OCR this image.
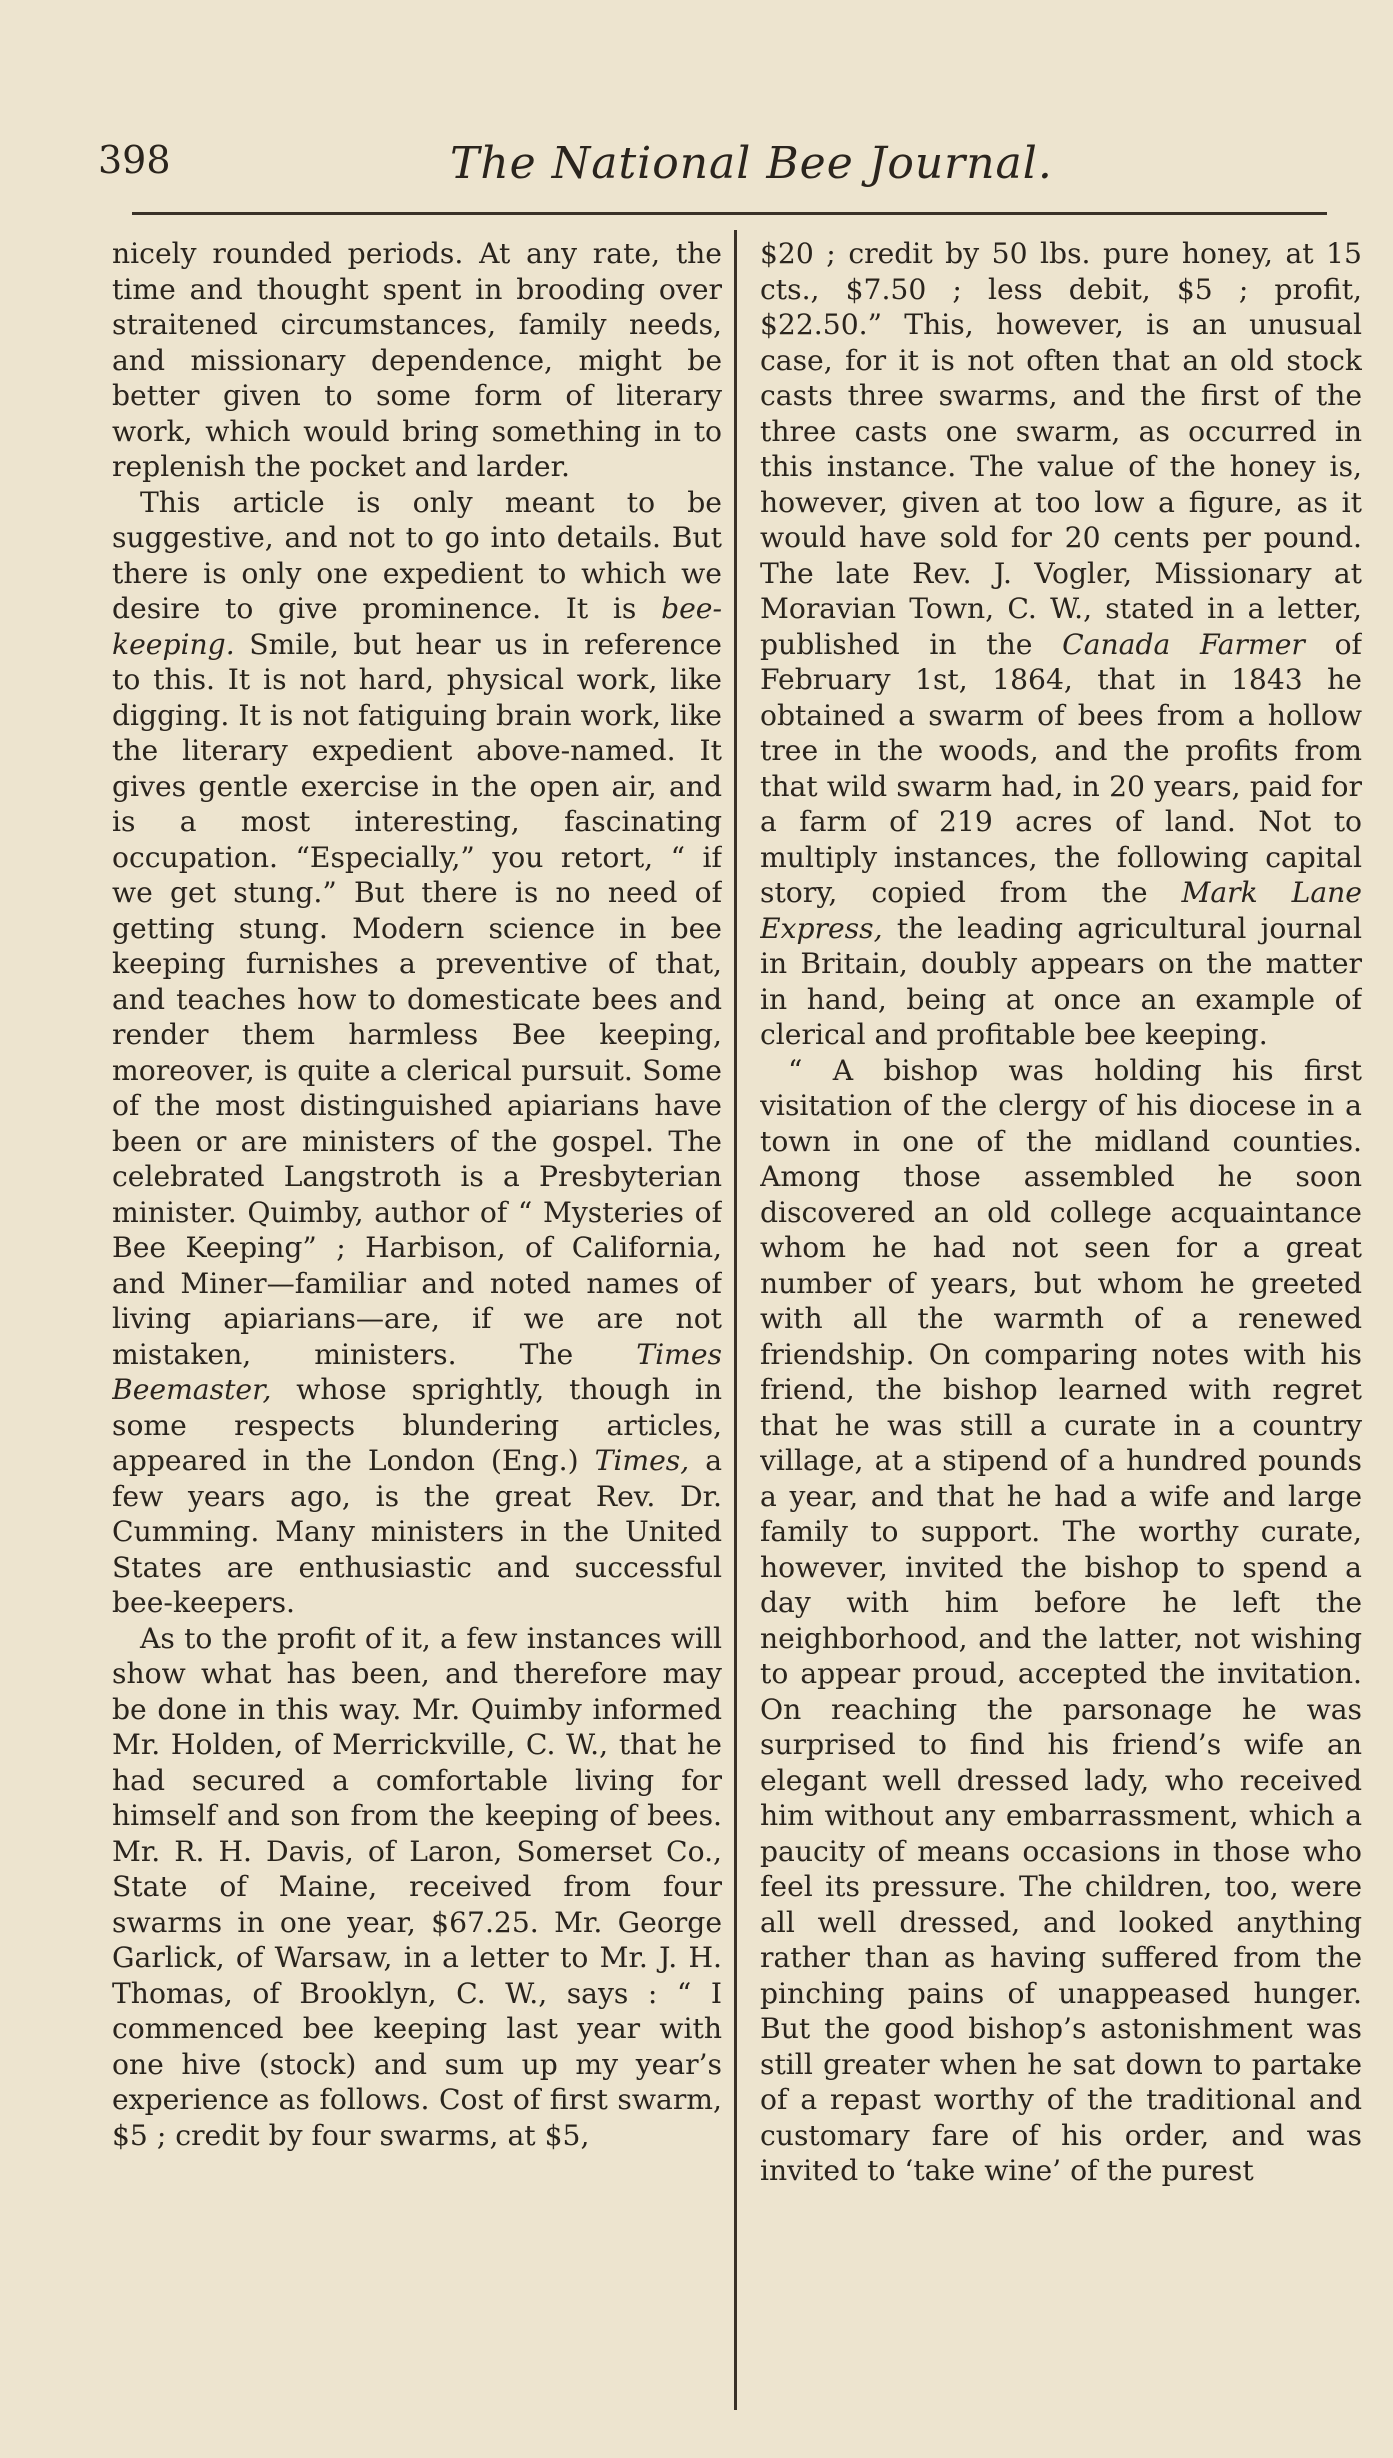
398	The National Bee Journal.

nicely rounded periods. At any rate, the time and thought spent in brooding over straitened circumstances, family needs, and missionary dependence, might be better given to some form of literary work, which would bring something in to replenish the pocket and larder.

This article is only meant to be suggestive, and not to go into details. But there is only one expedient to which we desire to give prominence. It is bee-keeping. Smile, but hear us in reference to this. It is not hard, physical work, like digging. It is not fatiguing brain work, like the literary expedient above-named. It gives gentle exercise in the open air, and is a most interesting, fascinating occupation. “Especially,” you retort, “ if we get stung.” But there is no need of getting stung. Modern science in bee keeping furnishes a preventive of that, and teaches how to domesticate bees and render them harmless Bee keeping, moreover, is quite a clerical pursuit. Some of the most distinguished apiarians have been or are ministers of the gospel. The celebrated Langstroth is a Presbyterian minister. Quimby, author of “ Mysteries of Bee Keeping” ; Harbison, of California, and Miner—familiar and noted names of living apiarians—are, if we are not mistaken, ministers. The Times Beemaster, whose sprightly, though in some respects blundering articles, appeared in the London (Eng.) Times, a few years ago, is the great Rev. Dr. Cumming. Many ministers in the United States are enthusiastic and successful bee-keepers.

As to the profit of it, a few instances will show what has been, and therefore may be done in this way. Mr. Quimby informed Mr. Holden, of Merrickville, C. W., that he had secured a comfortable living for himself and son from the keeping of bees. Mr. R. H. Davis, of Laron, Somerset Co., State of Maine, received from four swarms in one year, $67.25. Mr. George Garlick, of Warsaw, in a letter to Mr. J. H. Thomas, of Brooklyn, C. W., says : “ I commenced bee keeping last year with one hive (stock) and sum up my year’s experience as follows. Cost of first swarm, $5 ; credit by four swarms, at $5,

$20 ; credit by 50 lbs. pure honey, at 15 cts., $7.50 ; less debit, $5 ; profit, $22.50.” This, however, is an unusual case, for it is not often that an old stock casts three swarms, and the first of the three casts one swarm, as occurred in this instance. The value of the honey is, however, given at too low a figure, as it would have sold for 20 cents per pound. The late Rev. J. Vogler, Missionary at Moravian Town, C. W., stated in a letter, published in the Canada Farmer of February 1st, 1864, that in 1843 he obtained a swarm of bees from a hollow tree in the woods, and the profits from that wild swarm had, in 20 years, paid for a farm of 219 acres of land. Not to multiply instances, the following capital story, copied from the Mark Lane Express, the leading agricultural journal in Britain, doubly appears on the matter in hand, being at once an example of clerical and profitable bee keeping.

“ A bishop was holding his first visitation of the clergy of his diocese in a town in one of the midland counties. Among those assembled he soon discovered an old college acquaintance whom he had not seen for a great number of years, but whom he greeted with all the warmth of a renewed friendship. On comparing notes with his friend, the bishop learned with regret that he was still a curate in a country village, at a stipend of a hundred pounds a year, and that he had a wife and large family to support. The worthy curate, however, invited the bishop to spend a day with him before he left the neighborhood, and the latter, not wishing to appear proud, accepted the invitation. On reaching the parsonage he was surprised to find his friend’s wife an elegant well dressed lady, who received him without any embarrassment, which a paucity of means occasions in those who feel its pressure. The children, too, were all well dressed, and looked anything rather than as having suffered from the pinching pains of unappeased hunger. But the good bishop’s astonishment was still greater when he sat down to partake of a repast worthy of the traditional and customary fare of his order, and was invited to ‘take wine’ of the purest
